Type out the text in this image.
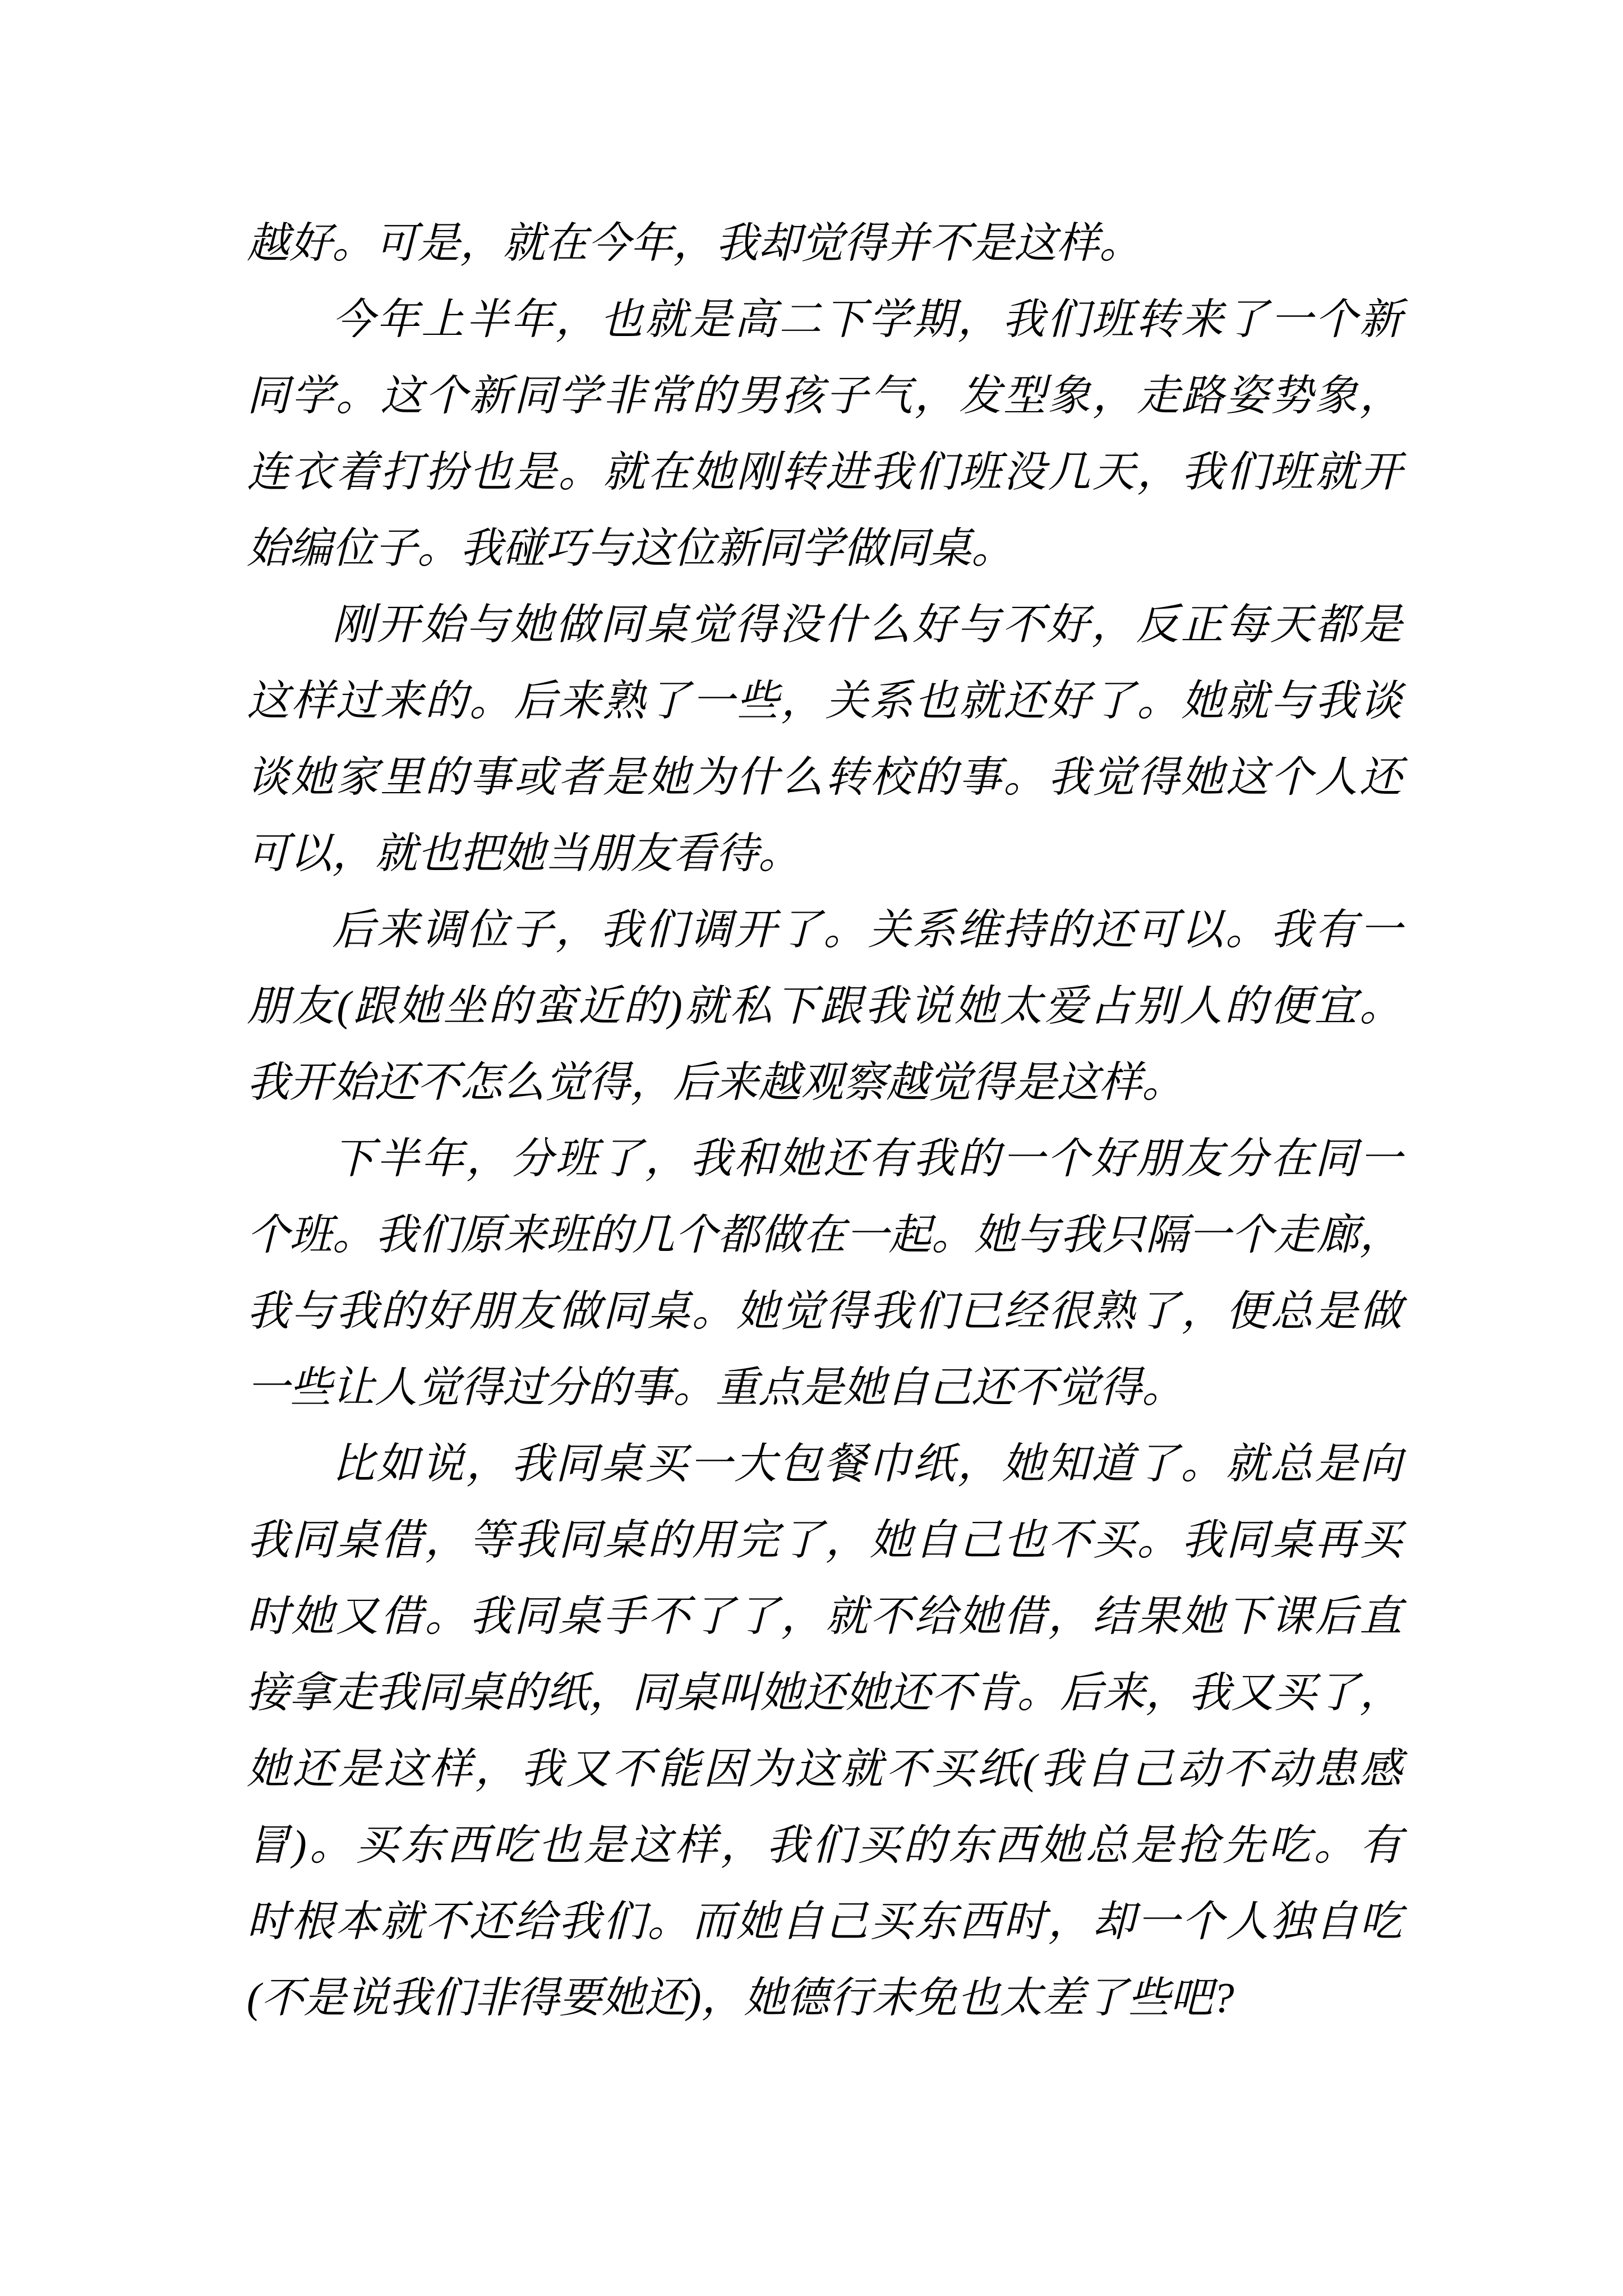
越好。可是，就在今年，我却觉得并不是这样。
今年上半年，也就是高二下学期，我们班转来了一个新
同学。这个新同学非常的男孩子气，发型象，走路姿势象，
连衣着打扮也是。就在她刚转进我们班没几天，我们班就开
始编位子。我碰巧与这位新同学做同桌。
刚开始与她做同桌觉得没什么好与不好，反正每天都是
这样过来的。后来熟了一些，关系也就还好了。她就与我谈
谈她家里的事或者是她为什么转校的事。我觉得她这个人还
可以，就也把她当朋友看待。
后来调位子，我们调开了。关系维持的还可以。我有一
朋友(跟她坐的蛮近的)就私下跟我说她太爱占别人的便宜。
我开始还不怎么觉得，后来越观察越觉得是这样。
下半年，分班了，我和她还有我的一个好朋友分在同一
个班。我们原来班的几个都做在一起。她与我只隔一个走廊，
我与我的好朋友做同桌。她觉得我们已经很熟了，便总是做
一些让人觉得过分的事。重点是她自己还不觉得。
比如说，我同桌买一大包餐巾纸，她知道了。就总是向
我同桌借，等我同桌的用完了，她自己也不买。我同桌再买
时她又借。我同桌手不了了，就不给她借，结果她下课后直
接拿走我同桌的纸，同桌叫她还她还不肯。后来，我又买了，
她还是这样，我又不能因为这就不买纸(我自己动不动患感
冒)。买东西吃也是这样，我们买的东西她总是抢先吃。有
时根本就不还给我们。而她自己买东西时，却一个人独自吃
(不是说我们非得要她还)，她德行未免也太差了些吧?
